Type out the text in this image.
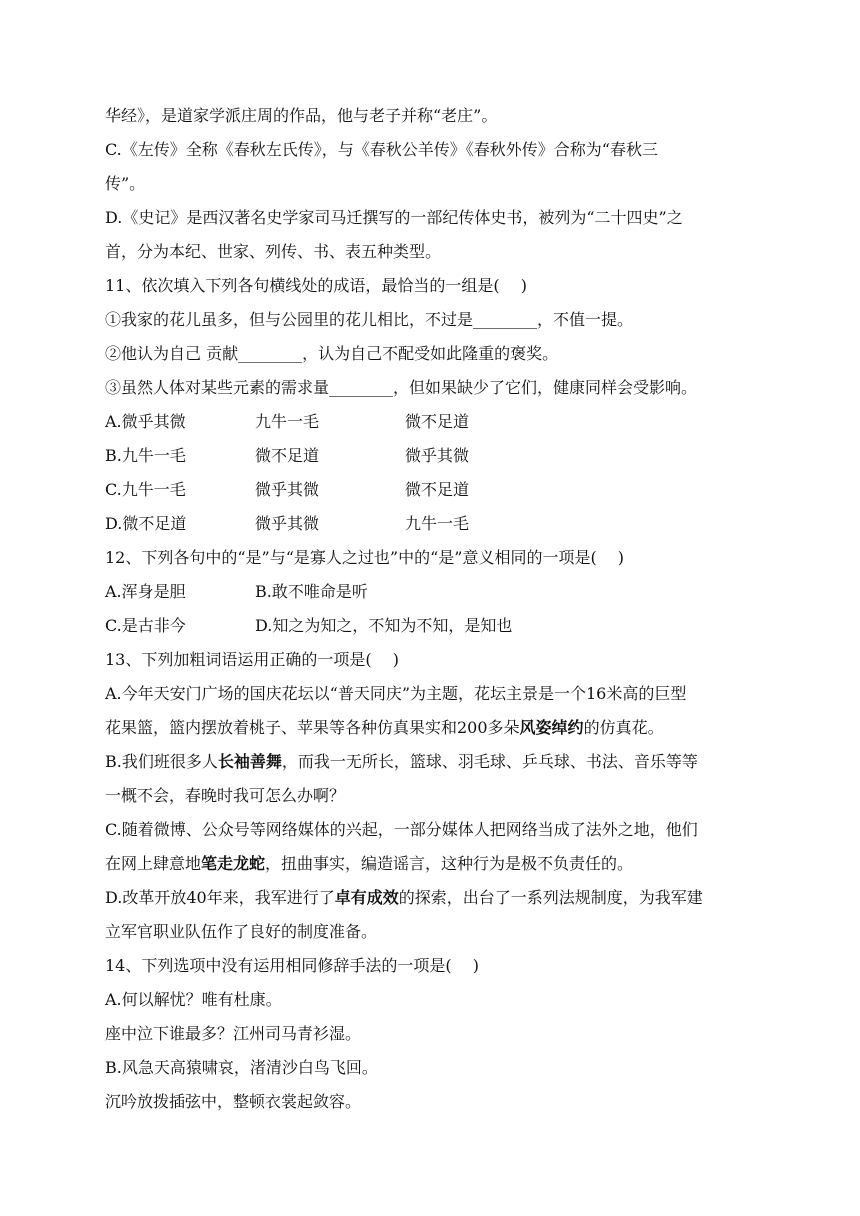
华经》，是道家学派庄周的作品，他与老子并称“老庄”。
C.《左传》全称《春秋左氏传》，与《春秋公羊传》《春秋外传》合称为“春秋三
传”。
D.《史记》是西汉著名史学家司马迁撰写的一部纪传体史书，被列为“二十四史”之
首，分为本纪、世家、列传、书、表五种类型。
11、依次填入下列各句横线处的成语，最恰当的一组是(　 )
①我家的花儿虽多，但与公园里的花儿相比，不过是________，不值一提。
②他认为自己 贡献________，认为自己不配受如此隆重的褒奖。
③虽然人体对某些元素的需求量________，但如果缺少了它们，健康同样会受影响。
A.微乎其微	九牛一毛	微不足道
B.九牛一毛	微不足道	微乎其微
C.九牛一毛	微乎其微	微不足道
D.微不足道	微乎其微	九牛一毛
12、下列各句中的“是”与“是寡人之过也”中的“是”意义相同的一项是(　 )
A.浑身是胆	B.敢不唯命是听
C.是古非今	D.知之为知之，不知为不知，是知也
13、下列加粗词语运用正确的一项是(　 )
A.今年天安门广场的国庆花坛以“普天同庆”为主题，花坛主景是一个16米高的巨型
花果篮，篮内摆放着桃子、苹果等各种仿真果实和200多朵风姿绰约的仿真花。
B.我们班很多人长袖善舞，而我一无所长，篮球、羽毛球、乒乓球、书法、音乐等等
一概不会，春晚时我可怎么办啊？
C.随着微博、公众号等网络媒体的兴起，一部分媒体人把网络当成了法外之地，他们
在网上肆意地笔走龙蛇，扭曲事实，编造谣言，这种行为是极不负责任的。
D.改革开放40年来，我军进行了卓有成效的探索，出台了一系列法规制度，为我军建
立军官职业队伍作了良好的制度准备。
14、下列选项中没有运用相同修辞手法的一项是(　 )
A.何以解忧？唯有杜康。
座中泣下谁最多？江州司马青衫湿。
B.风急天高猿啸哀，渚清沙白鸟飞回。
沉吟放拨插弦中，整顿衣裳起敛容。
